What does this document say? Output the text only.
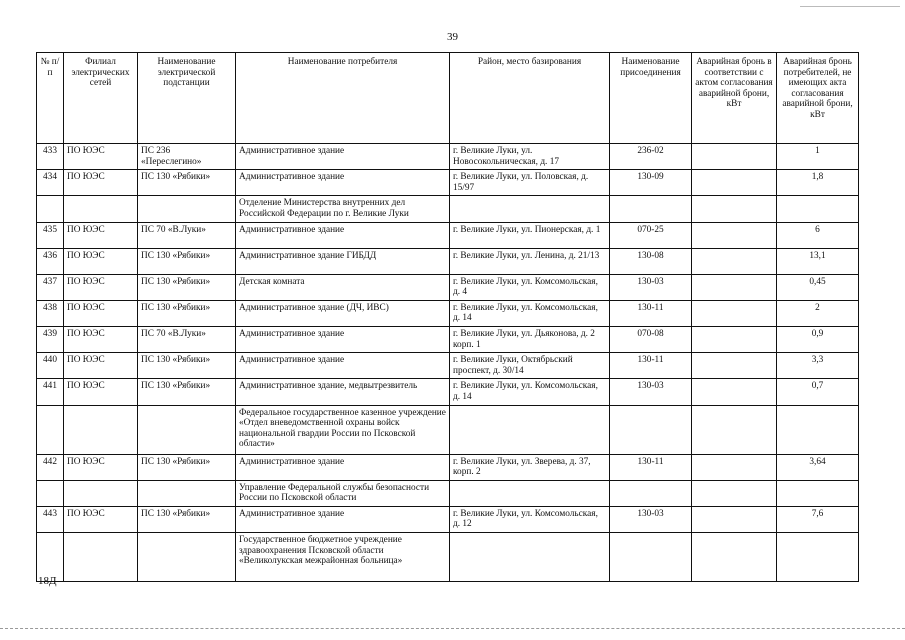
39
№ п/п	Филиал электрических сетей	Наименование электрической подстанции	Наименование потребителя	Район, место базирования	Наименование присоединения	Аварийная бронь в соответствии с актом согласования аварийной брони, кВт	Аварийная бронь потребителей, не имеющих акта согласования аварийной брони, кВт
433	ПО ЮЭС	ПС 236 «Переслегино»	Административное здание	г. Великие Луки, ул. Новосокольническая, д. 17	236-02		1
434	ПО ЮЭС	ПС 130 «Рябики»	Административное здание	г. Великие Луки, ул. Половская, д. 15/97	130-09		1,8
			Отделение Министерства внутренних дел Российской Федерации по г. Великие Луки				
435	ПО ЮЭС	ПС 70 «В.Луки»	Административное здание	г. Великие Луки, ул. Пионерская, д. 1	070-25		6
436	ПО ЮЭС	ПС 130 «Рябики»	Административное здание ГИБДД	г. Великие Луки, ул. Ленина, д. 21/13	130-08		13,1
437	ПО ЮЭС	ПС 130 «Рябики»	Детская комната	г. Великие Луки, ул. Комсомольская, д. 4	130-03		0,45
438	ПО ЮЭС	ПС 130 «Рябики»	Административное здание (ДЧ, ИВС)	г. Великие Луки, ул. Комсомольская, д. 14	130-11		2
439	ПО ЮЭС	ПС 70 «В.Луки»	Административное здание	г. Великие Луки, ул. Дьяконова, д. 2 корп. 1	070-08		0,9
440	ПО ЮЭС	ПС 130 «Рябики»	Административное здание	г. Великие Луки, Октябрьский проспект, д. 30/14	130-11		3,3
441	ПО ЮЭС	ПС 130 «Рябики»	Административное здание, медвытрезвитель	г. Великие Луки, ул. Комсомольская, д. 14	130-03		0,7
			Федеральное государственное казенное учреждение «Отдел вневедомственной охраны войск национальной гвардии России по Псковской области»				
442	ПО ЮЭС	ПС 130 «Рябики»	Административное здание	г. Великие Луки, ул. Зверева, д. 37, корп. 2	130-11		3,64
			Управление Федеральной службы безопасности России по Псковской области				
443	ПО ЮЭС	ПС 130 «Рябики»	Административное здание	г. Великие Луки, ул. Комсомольская, д. 12	130-03		7,6
			Государственное бюджетное учреждение здравоохранения Псковской области «Великолукская межрайонная больница»				
18Д
